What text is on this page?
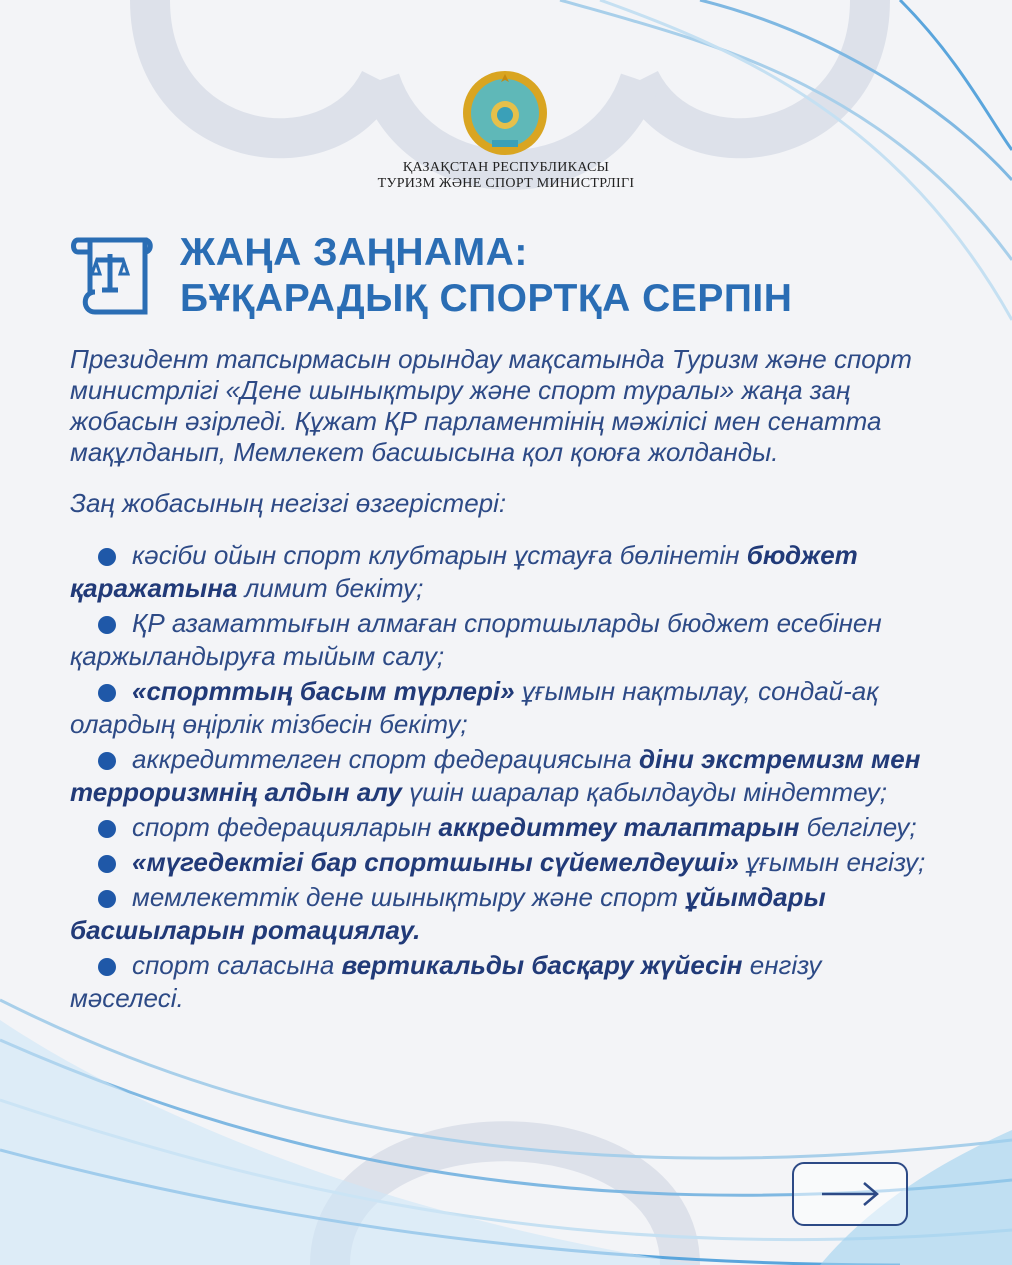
ҚАЗАҚСТАН РЕСПУБЛИКАСЫ
ТУРИЗМ ЖӘНЕ СПОРТ МИНИСТРЛІГІ
ЖАҢА ЗАҢНАМА:
БҰҚАРАДЫҚ СПОРТҚА СЕРПІН

Президент тапсырмасын орындау мақсатында Туризм және спорт министрлігі «Дене шынықтыру және спорт туралы» жаңа заң жобасын әзірледі. Құжат ҚР парламентінің мәжілісі мен сенатта мақұлданып, Мемлекет басшысына қол қоюға жолданды.

Заң жобасының негізгі өзгерістері:

кәсіби ойын спорт клубтарын ұстауға бөлінетін бюджет қаражатына лимит бекіту;
ҚР азаматтығын алмаған спортшыларды бюджет есебінен қаржыландыруға тыйым салу;
«спорттың басым түрлері» ұғымын нақтылау, сондай-ақ олардың өңірлік тізбесін бекіту;
аккредиттелген спорт федерациясына діни экстремизм мен терроризмнің алдын алу үшін шаралар қабылдауды міндеттеу;
спорт федерацияларын аккредиттеу талаптарын белгілеу;
«мүгедектігі бар спортшыны сүйемелдеуші» ұғымын енгізу;
мемлекеттік дене шынықтыру және спорт ұйымдары басшыларын ротациялау.
спорт саласына вертикальды басқару жүйесін енгізу мәселесі.
